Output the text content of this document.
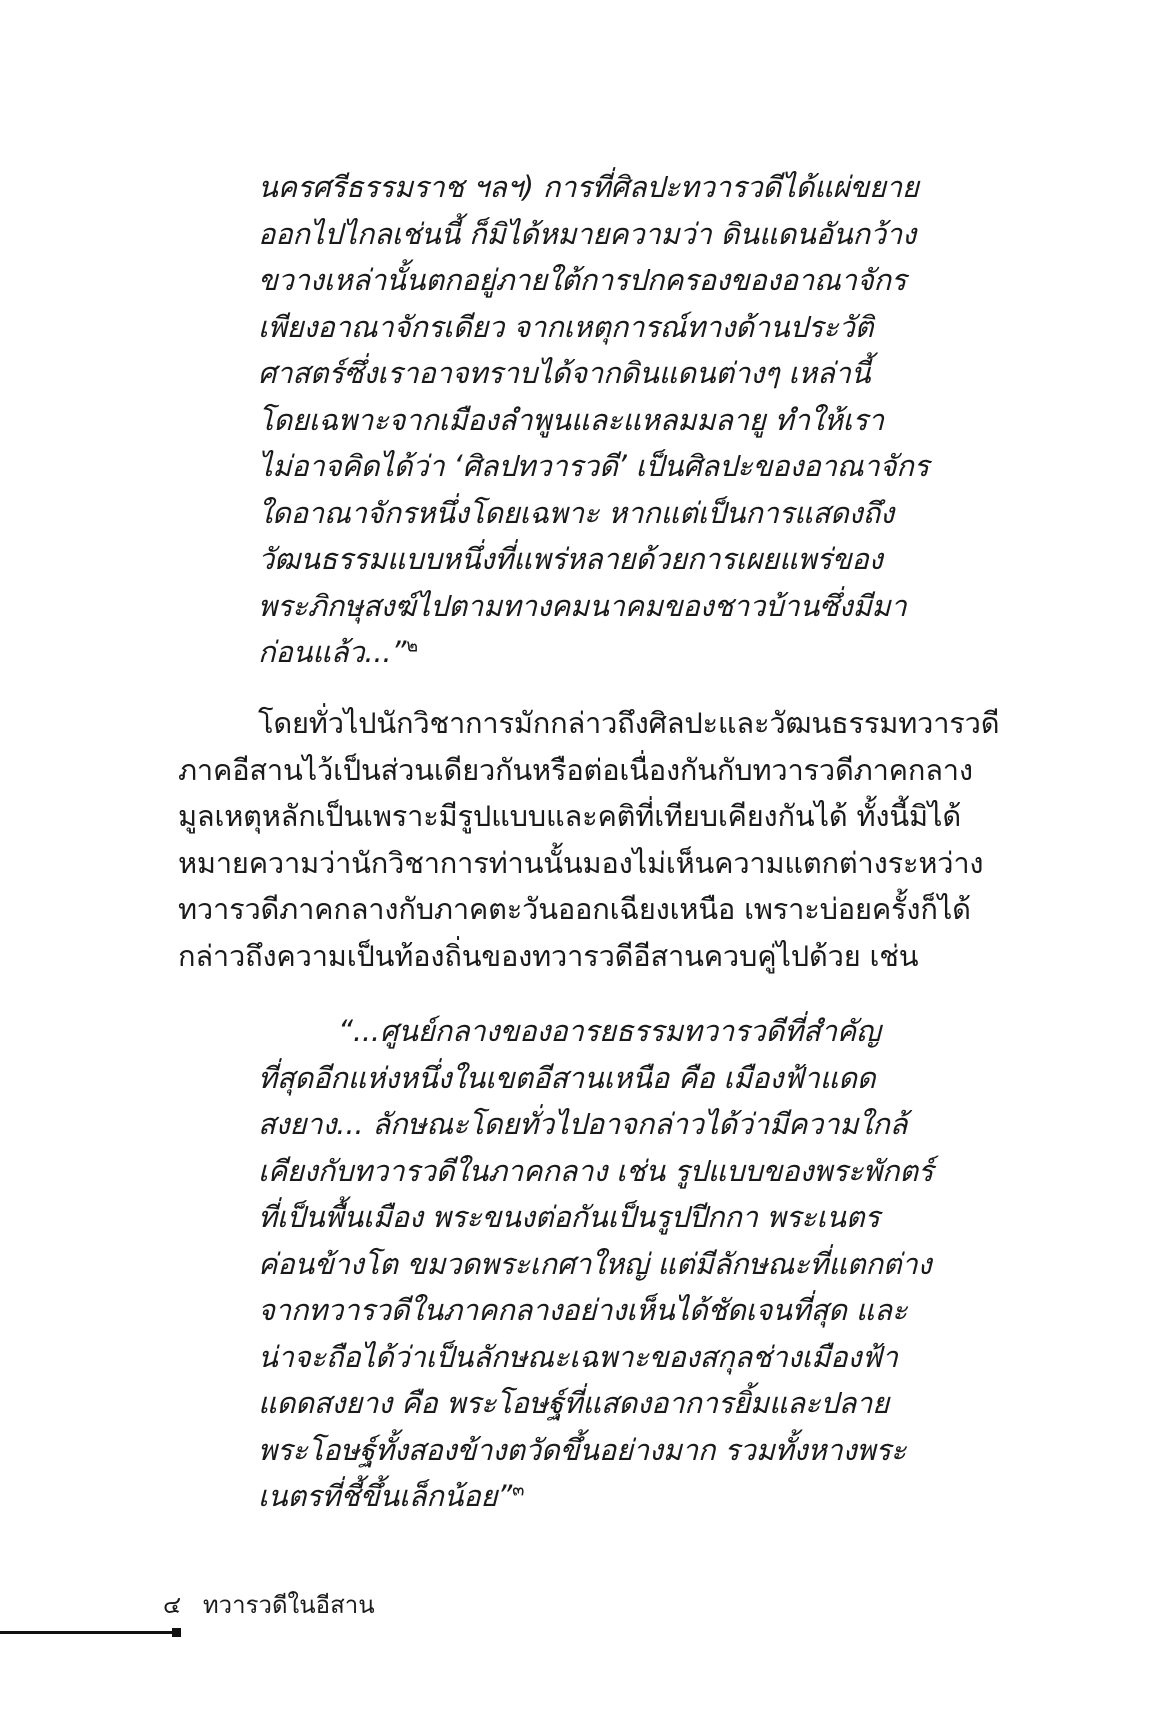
นครศรีธรรมราช ฯลฯ) การที่ศิลปะทวารวดีได้แผ่ขยาย
ออกไปไกลเช่นนี้ ก็มิได้หมายความว่า ดินแดนอันกว้าง
ขวางเหล่านั้นตกอยู่ภายใต้การปกครองของอาณาจักร
เพียงอาณาจักรเดียว จากเหตุการณ์ทางด้านประวัติ
ศาสตร์ซึ่งเราอาจทราบได้จากดินแดนต่างๆ เหล่านี้
โดยเฉพาะจากเมืองลำพูนและแหลมมลายู ทำให้เรา
ไม่อาจคิดได้ว่า ‘ศิลปทวารวดี’ เป็นศิลปะของอาณาจักร
ใดอาณาจักรหนึ่งโดยเฉพาะ หากแต่เป็นการแสดงถึง
วัฒนธรรมแบบหนึ่งที่แพร่หลายด้วยการเผยแพร่ของ
พระภิกษุสงฆ์ไปตามทางคมนาคมของชาวบ้านซึ่งมีมา
ก่อนแล้ว...”$^๒$
โดยทั่วไปนักวิชาการมักกล่าวถึงศิลปะและวัฒนธรรมทวารวดี
ภาคอีสานไว้เป็นส่วนเดียวกันหรือต่อเนื่องกันกับทวารวดีภาคกลาง
มูลเหตุหลักเป็นเพราะมีรูปแบบและคติที่เทียบเคียงกันได้ ทั้งนี้มิได้
หมายความว่านักวิชาการท่านนั้นมองไม่เห็นความแตกต่างระหว่าง
ทวารวดีภาคกลางกับภาคตะวันออกเฉียงเหนือ เพราะบ่อยครั้งก็ได้
กล่าวถึงความเป็นท้องถิ่นของทวารวดีอีสานควบคู่ไปด้วย เช่น
“...ศูนย์กลางของอารยธรรมทวารวดีที่สำคัญ
ที่สุดอีกแห่งหนึ่งในเขตอีสานเหนือ คือ เมืองฟ้าแดด
สงยาง... ลักษณะโดยทั่วไปอาจกล่าวได้ว่ามีความใกล้
เคียงกับทวารวดีในภาคกลาง เช่น รูปแบบของพระพักตร์
ที่เป็นพื้นเมือง พระขนงต่อกันเป็นรูปปีกกา พระเนตร
ค่อนข้างโต ขมวดพระเกศาใหญ่ แต่มีลักษณะที่แตกต่าง
จากทวารวดีในภาคกลางอย่างเห็นได้ชัดเจนที่สุด และ
น่าจะถือได้ว่าเป็นลักษณะเฉพาะของสกุลช่างเมืองฟ้า
แดดสงยาง คือ พระโอษฐ์ที่แสดงอาการยิ้มและปลาย
พระโอษฐ์ทั้งสองข้างตวัดขึ้นอย่างมาก รวมทั้งหางพระ
เนตรที่ชี้ขึ้นเล็กน้อย”$^๓$
๔ ทวารวดีในอีสาน
